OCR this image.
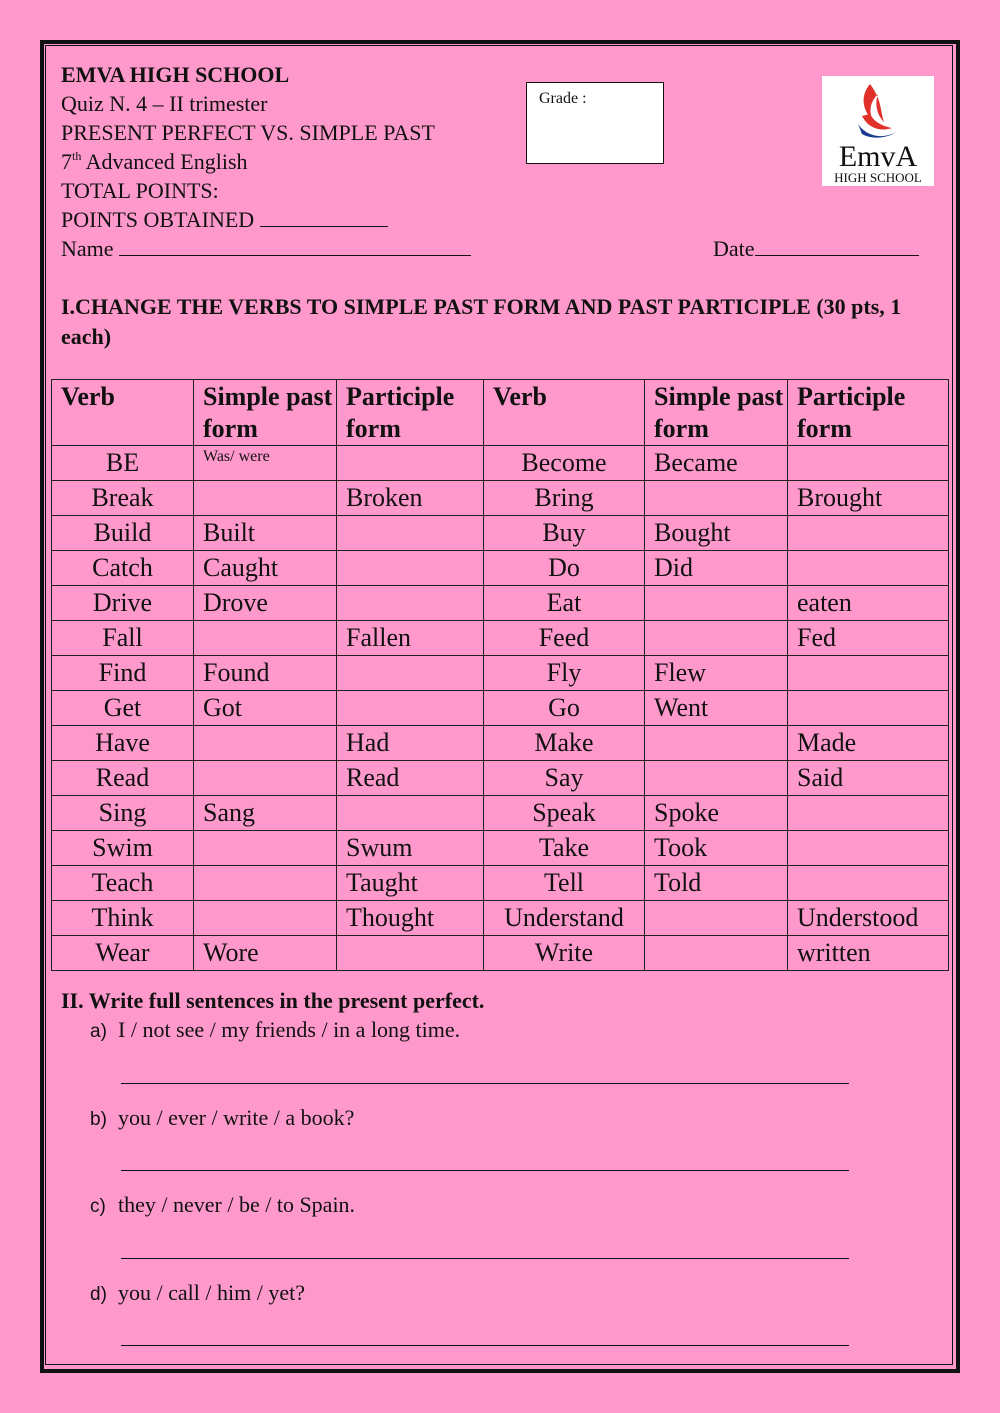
EMVA HIGH SCHOOL
Quiz N. 4 – II trimester
PRESENT PERFECT VS. SIMPLE PAST
7th Advanced English
TOTAL POINTS:
POINTS OBTAINED
Name	Date
Grade :
EmvA
HIGH SCHOOL
I.CHANGE THE VERBS TO SIMPLE PAST FORM AND PAST PARTICIPLE (30 pts, 1 each)
Verb	Simple past form	Participle form	Verb	Simple past form	Participle form
BE	Was/ were		Become	Became	
Break		Broken	Bring		Brought
Build	Built		Buy	Bought	
Catch	Caught		Do	Did	
Drive	Drove		Eat		eaten
Fall		Fallen	Feed		Fed
Find	Found		Fly	Flew	
Get	Got		Go	Went	
Have		Had	Make		Made
Read		Read	Say		Said
Sing	Sang		Speak	Spoke	
Swim		Swum	Take	Took	
Teach		Taught	Tell	Told	
Think		Thought	Understand		Understood
Wear	Wore		Write		written
II. Write full sentences in the present perfect.
a) I / not see / my friends / in a long time.
b) you / ever / write / a book?
c) they / never / be / to Spain.
d) you / call / him / yet?
